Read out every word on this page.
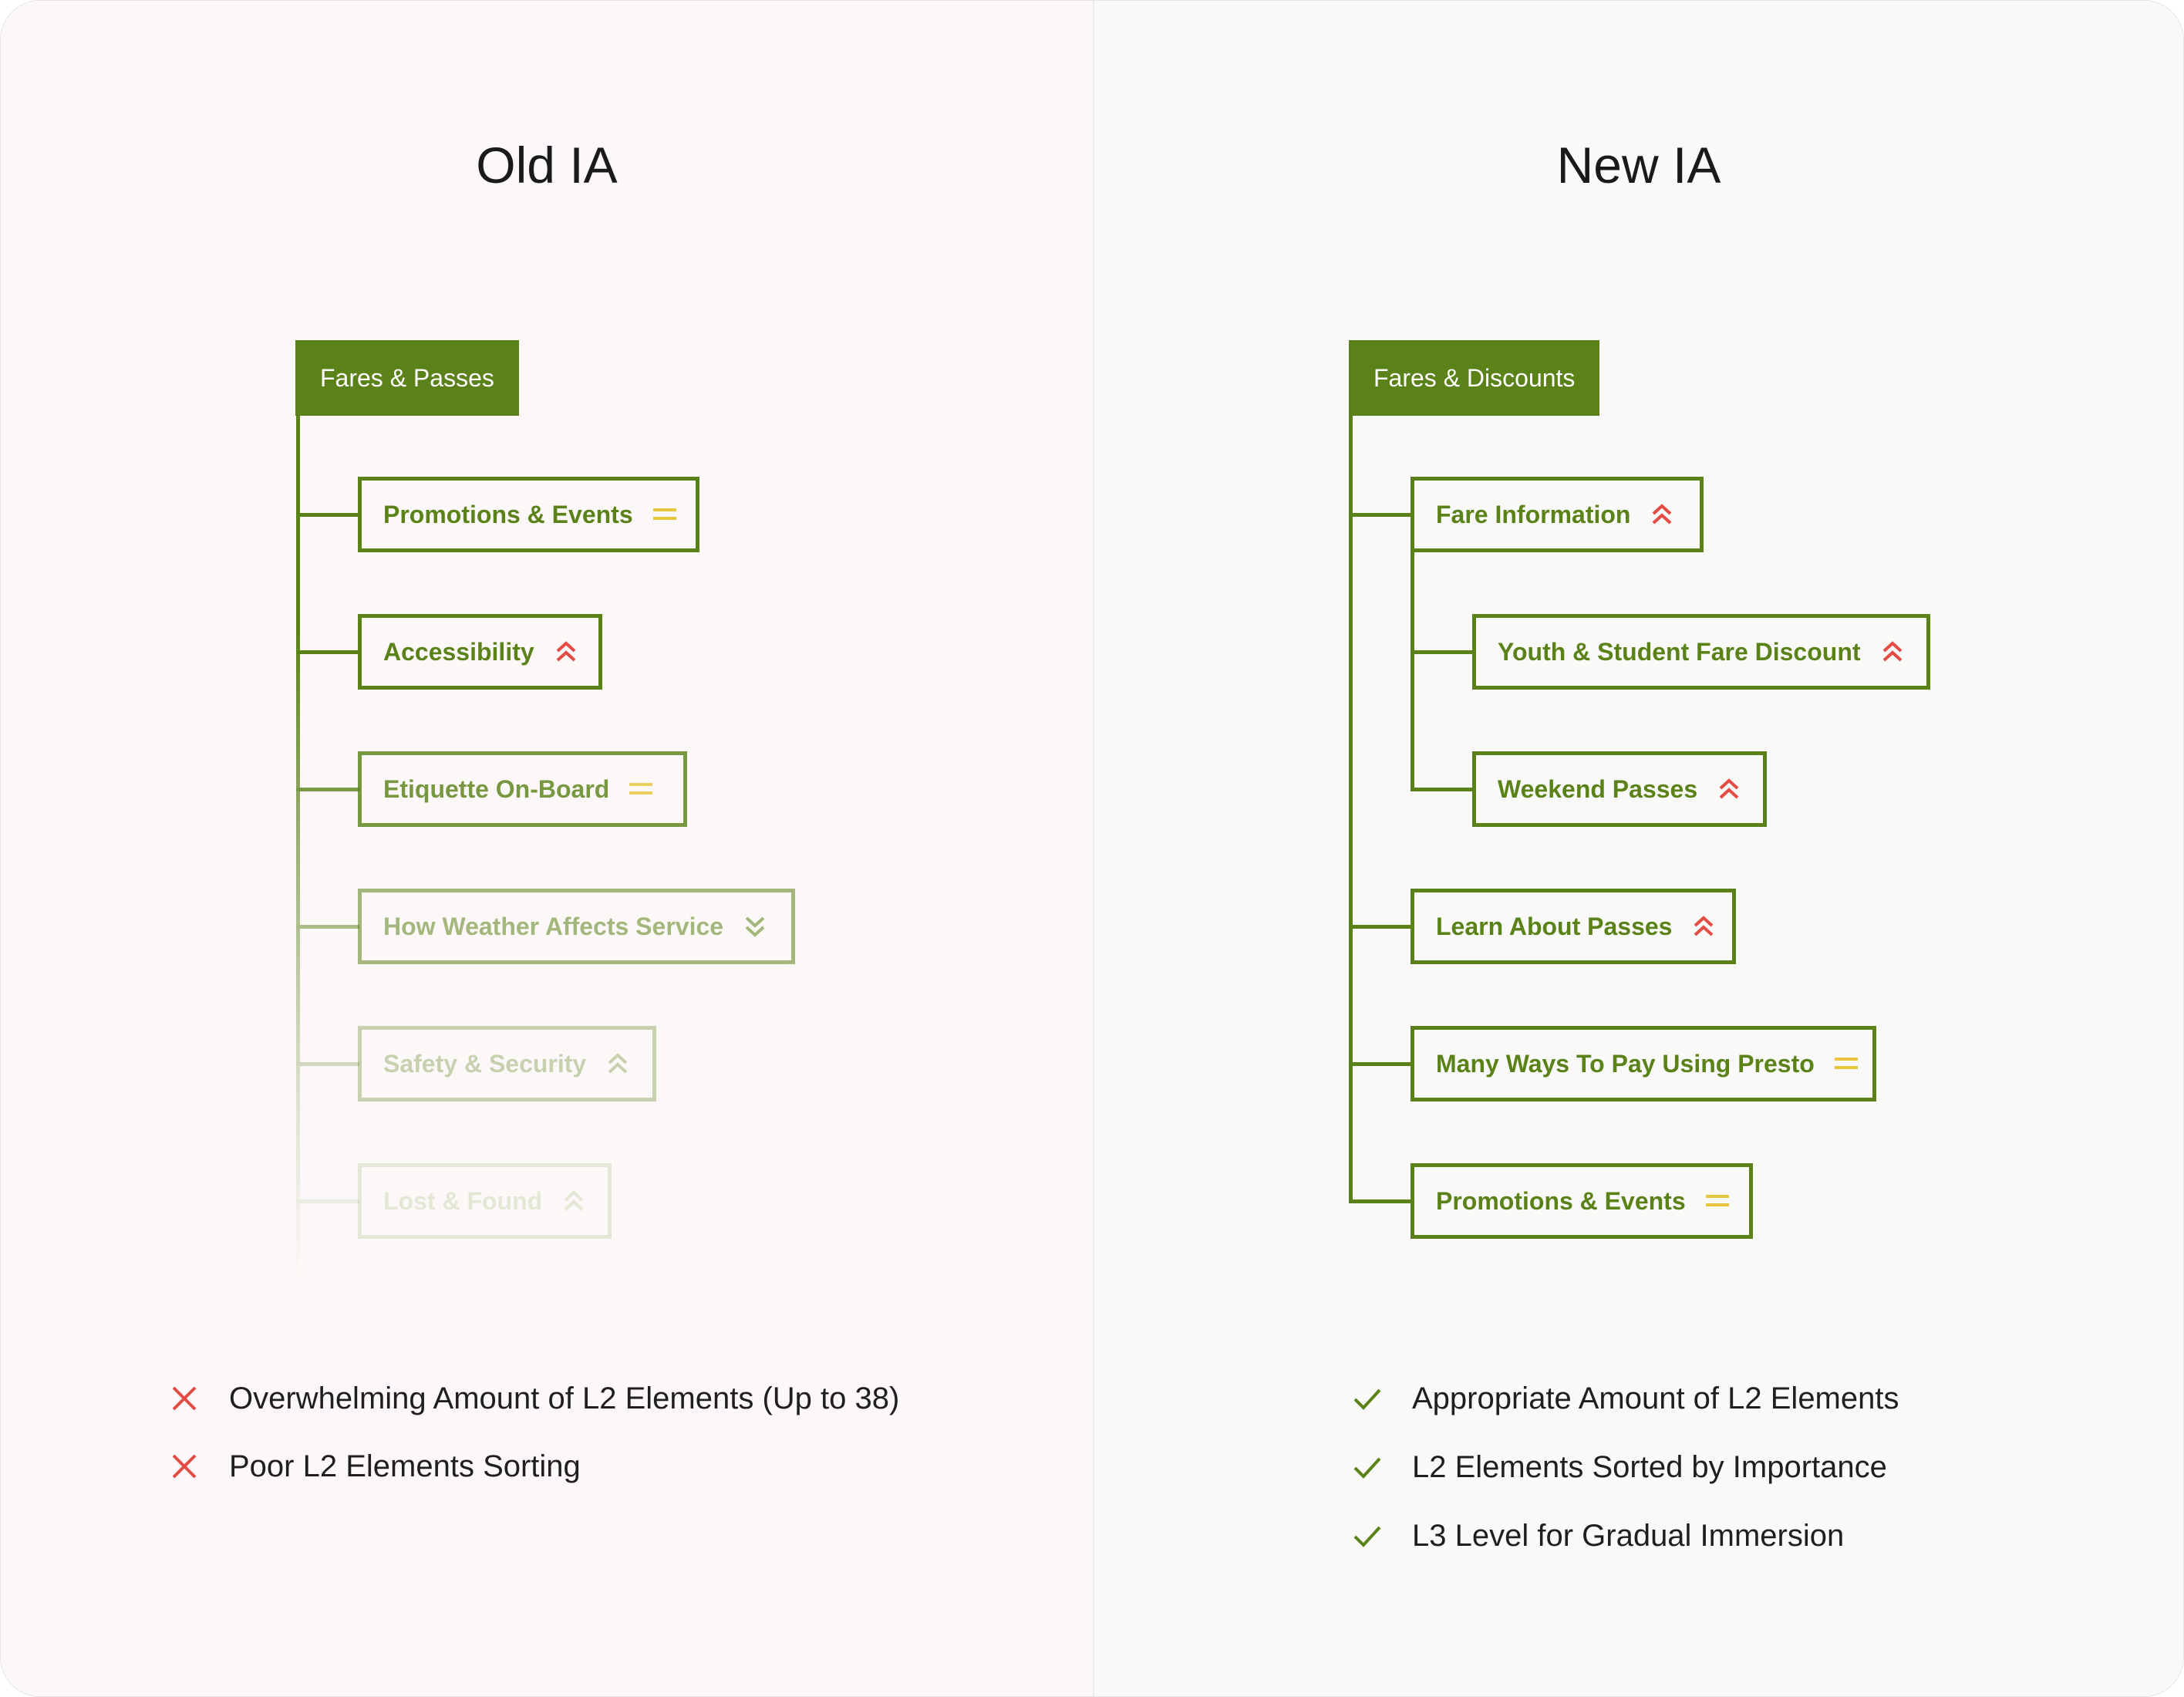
Old IA
Fares & Passes
Promotions & Events
Accessibility
Etiquette On-Board
How Weather Affects Service
Safety & Security
Lost & Found
Overwhelming Amount of L2 Elements (Up to 38)
Poor L2 Elements Sorting
New IA
Fares & Discounts
Fare Information
Youth & Student Fare Discount
Weekend Passes
Learn About Passes
Many Ways To Pay Using Presto
Promotions & Events
Appropriate Amount of L2 Elements
L2 Elements Sorted by Importance
L3 Level for Gradual Immersion
